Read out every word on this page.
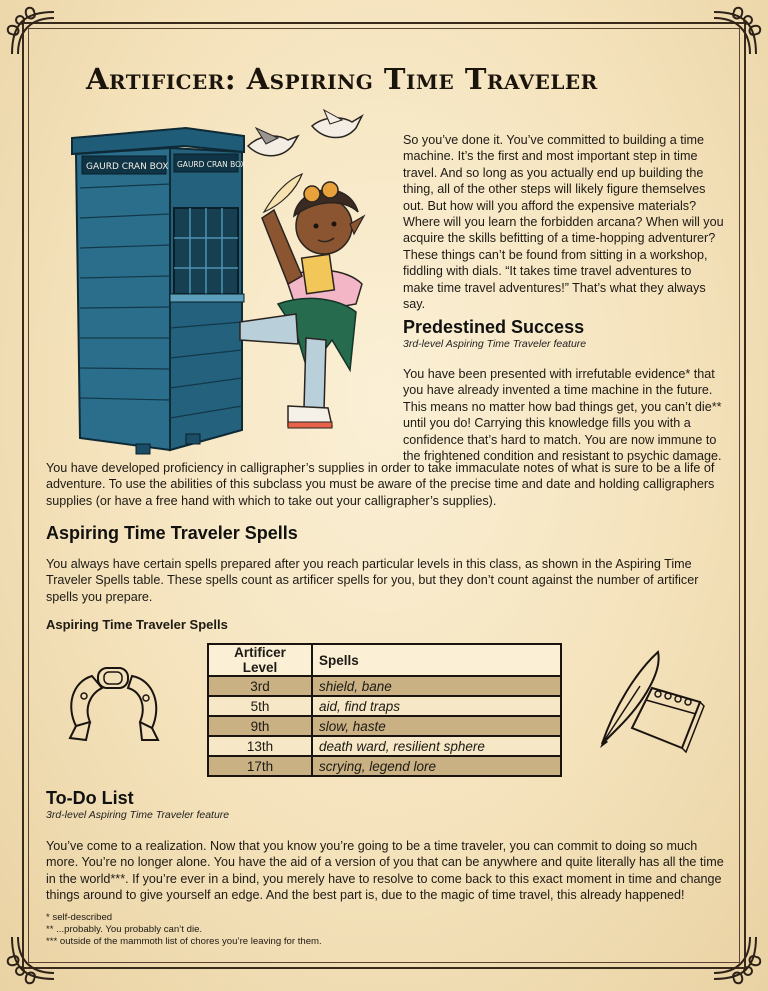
Artificer: Aspiring Time Traveler
GAURD CRAN BOX GAURD CRAN BOX

So you’ve done it. You’ve committed to building a time machine. It’s the first and most important step in time travel. And so long as you actually end up building the thing, all of the other steps will likely figure themselves out. But how will you afford the expensive materials? Where will you learn the forbidden arcana? When will you acquire the skills befitting of a time-hopping adventurer? These things can’t be found from sitting in a workshop, fiddling with dials. “It takes time travel adventures to make time travel adventures!” That’s what they always say.

Predestined Success

3rd-level Aspiring Time Traveler feature

You have been presented with irrefutable evidence* that you have already invented a time machine in the future. This means no matter how bad things get, you can’t die** until you do! Carrying this knowledge fills you with a confidence that’s hard to match. You are now immune to the frightened condition and resistant to psychic damage.

You have developed proficiency in calligrapher’s supplies in order to take immaculate notes of what is sure to be a life of adventure. To use the abilities of this subclass you must be aware of the precise time and date and holding calligraphers supplies (or have a free hand with which to take out your calligrapher’s supplies).

Aspiring Time Traveler Spells

You always have certain spells prepared after you reach particular levels in this class, as shown in the Aspiring Time Traveler Spells table. These spells count as artificer spells for you, but they don’t count against the number of artificer spells you prepare.

Aspiring Time Traveler Spells
Artificer Level	Spells
3rd	shield, bane
5th	aid, find traps
9th	slow, haste
13th	death ward, resilient sphere
17th	scrying, legend lore
To-Do List

3rd-level Aspiring Time Traveler feature

You’ve come to a realization. Now that you know you’re going to be a time traveler, you can commit to doing so much more. You’re no longer alone. You have the aid of a version of you that can be anywhere and quite literally has all the time in the world***. If you’re ever in a bind, you merely have to resolve to come back to this exact moment in time and change things around to give yourself an edge. And the best part is, due to the magic of time travel, this already happened!

* self-described
** ...probably. You probably can’t die.
*** outside of the mammoth list of chores you’re leaving for them.
